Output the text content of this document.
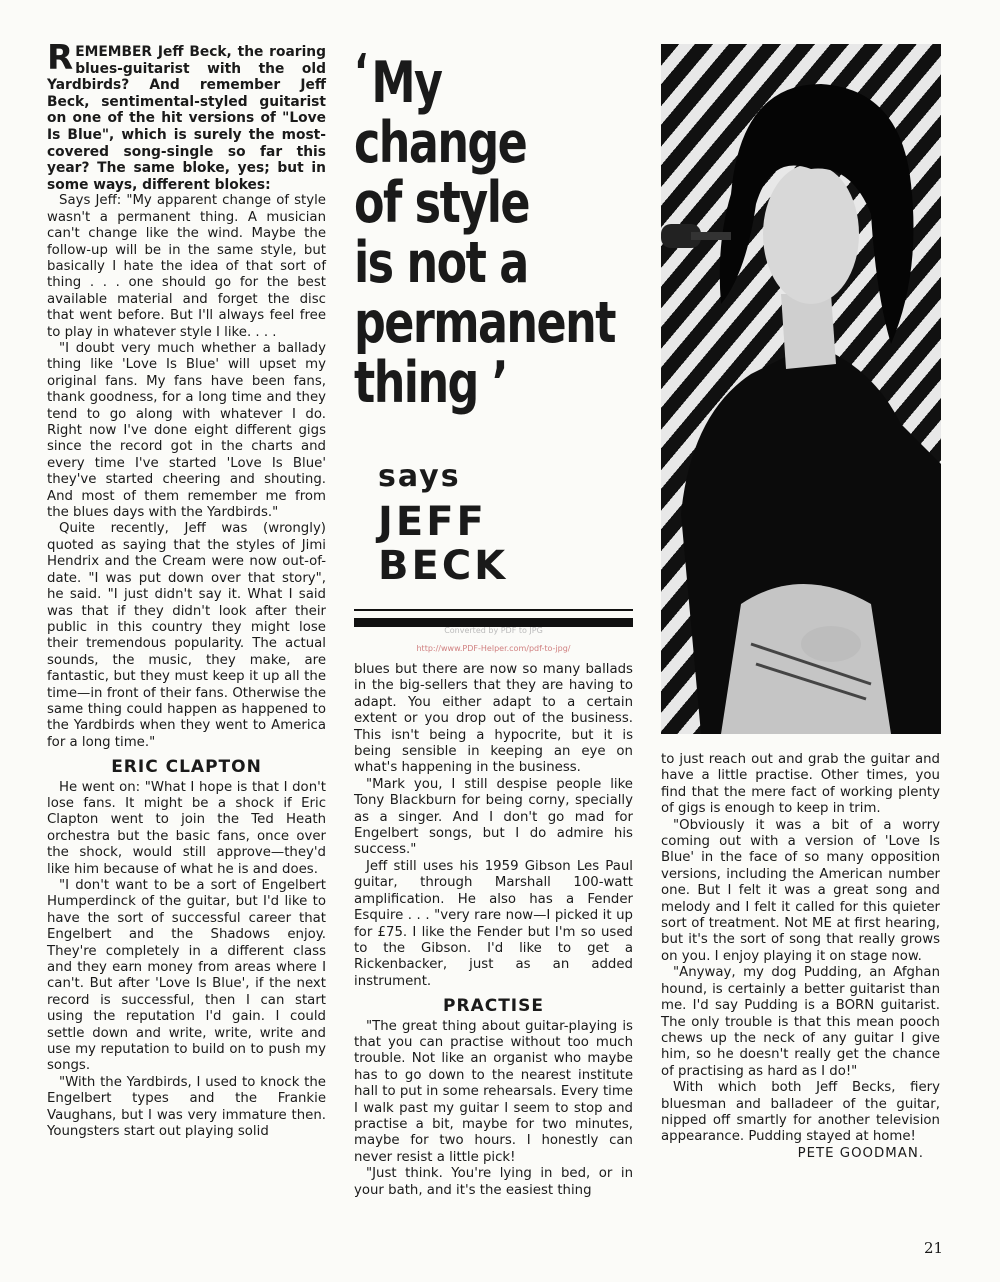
REMEMBER Jeff Beck, the roaring blues-guitarist with the old Yardbirds? And remember Jeff Beck, sentimental-styled guitarist on one of the hit versions of "Love Is Blue", which is surely the most-covered song-single so far this year? The same bloke, yes; but in some ways, different blokes:

Says Jeff: "My apparent change of style wasn't a permanent thing. A musician can't change like the wind. Maybe the follow-up will be in the same style, but basically I hate the idea of that sort of thing . . . one should go for the best available material and forget the disc that went before. But I'll always feel free to play in whatever style I like. . . .

"I doubt very much whether a ballady thing like 'Love Is Blue' will upset my original fans. My fans have been fans, thank goodness, for a long time and they tend to go along with whatever I do. Right now I've done eight different gigs since the record got in the charts and every time I've started 'Love Is Blue' they've started cheering and shouting. And most of them remember me from the blues days with the Yardbirds."

Quite recently, Jeff was (wrongly) quoted as saying that the styles of Jimi Hendrix and the Cream were now out-of-date. "I was put down over that story", he said. "I just didn't say it. What I said was that if they didn't look after their public in this country they might lose their tremendous popularity. The actual sounds, the music, they make, are fantastic, but they must keep it up all the time—in front of their fans. Otherwise the same thing could happen as happened to the Yardbirds when they went to America for a long time."

ERIC CLAPTON

He went on: "What I hope is that I don't lose fans. It might be a shock if Eric Clapton went to join the Ted Heath orchestra but the basic fans, once over the shock, would still approve—they'd like him because of what he is and does.

"I don't want to be a sort of Engelbert Humperdinck of the guitar, but I'd like to have the sort of successful career that Engelbert and the Shadows enjoy. They're completely in a different class and they earn money from areas where I can't. But after 'Love Is Blue', if the next record is successful, then I can start using the reputation I'd gain. I could settle down and write, write, write and use my reputation to build on to push my songs.

"With the Yardbirds, I used to knock the Engelbert types and the Frankie Vaughans, but I was very immature then. Youngsters start out playing solid

‘My
change
of style
is not a
permanent
thing ’
says
JEFF
BECK
Converted by PDF to JPG
http://www.PDF-Helper.com/pdf-to-jpg/

blues but there are now so many ballads in the big-sellers that they are having to adapt. You either adapt to a certain extent or you drop out of the business. This isn't being a hypocrite, but it is being sensible in keeping an eye on what's happening in the business.

"Mark you, I still despise people like Tony Blackburn for being corny, specially as a singer. And I don't go mad for Engelbert songs, but I do admire his success."

Jeff still uses his 1959 Gibson Les Paul guitar, through Marshall 100-watt amplification. He also has a Fender Esquire . . . "very rare now—I picked it up for £75. I like the Fender but I'm so used to the Gibson. I'd like to get a Rickenbacker, just as an added instrument.

PRACTISE

"The great thing about guitar-playing is that you can practise without too much trouble. Not like an organist who maybe has to go down to the nearest institute hall to put in some rehearsals. Every time I walk past my guitar I seem to stop and practise a bit, maybe for two minutes, maybe for two hours. I honestly can never resist a little pick!

"Just think. You're lying in bed, or in your bath, and it's the easiest thing

to just reach out and grab the guitar and have a little practise. Other times, you find that the mere fact of working plenty of gigs is enough to keep in trim.

"Obviously it was a bit of a worry coming out with a version of 'Love Is Blue' in the face of so many opposition versions, including the American number one. But I felt it was a great song and melody and I felt it called for this quieter sort of treatment. Not ME at first hearing, but it's the sort of song that really grows on you. I enjoy playing it on stage now.

"Anyway, my dog Pudding, an Afghan hound, is certainly a better guitarist than me. I'd say Pudding is a BORN guitarist. The only trouble is that this mean pooch chews up the neck of any guitar I give him, so he doesn't really get the chance of practising as hard as I do!"

With which both Jeff Becks, fiery bluesman and balladeer of the guitar, nipped off smartly for another television appearance. Pudding stayed at home!

PETE GOODMAN.

21
